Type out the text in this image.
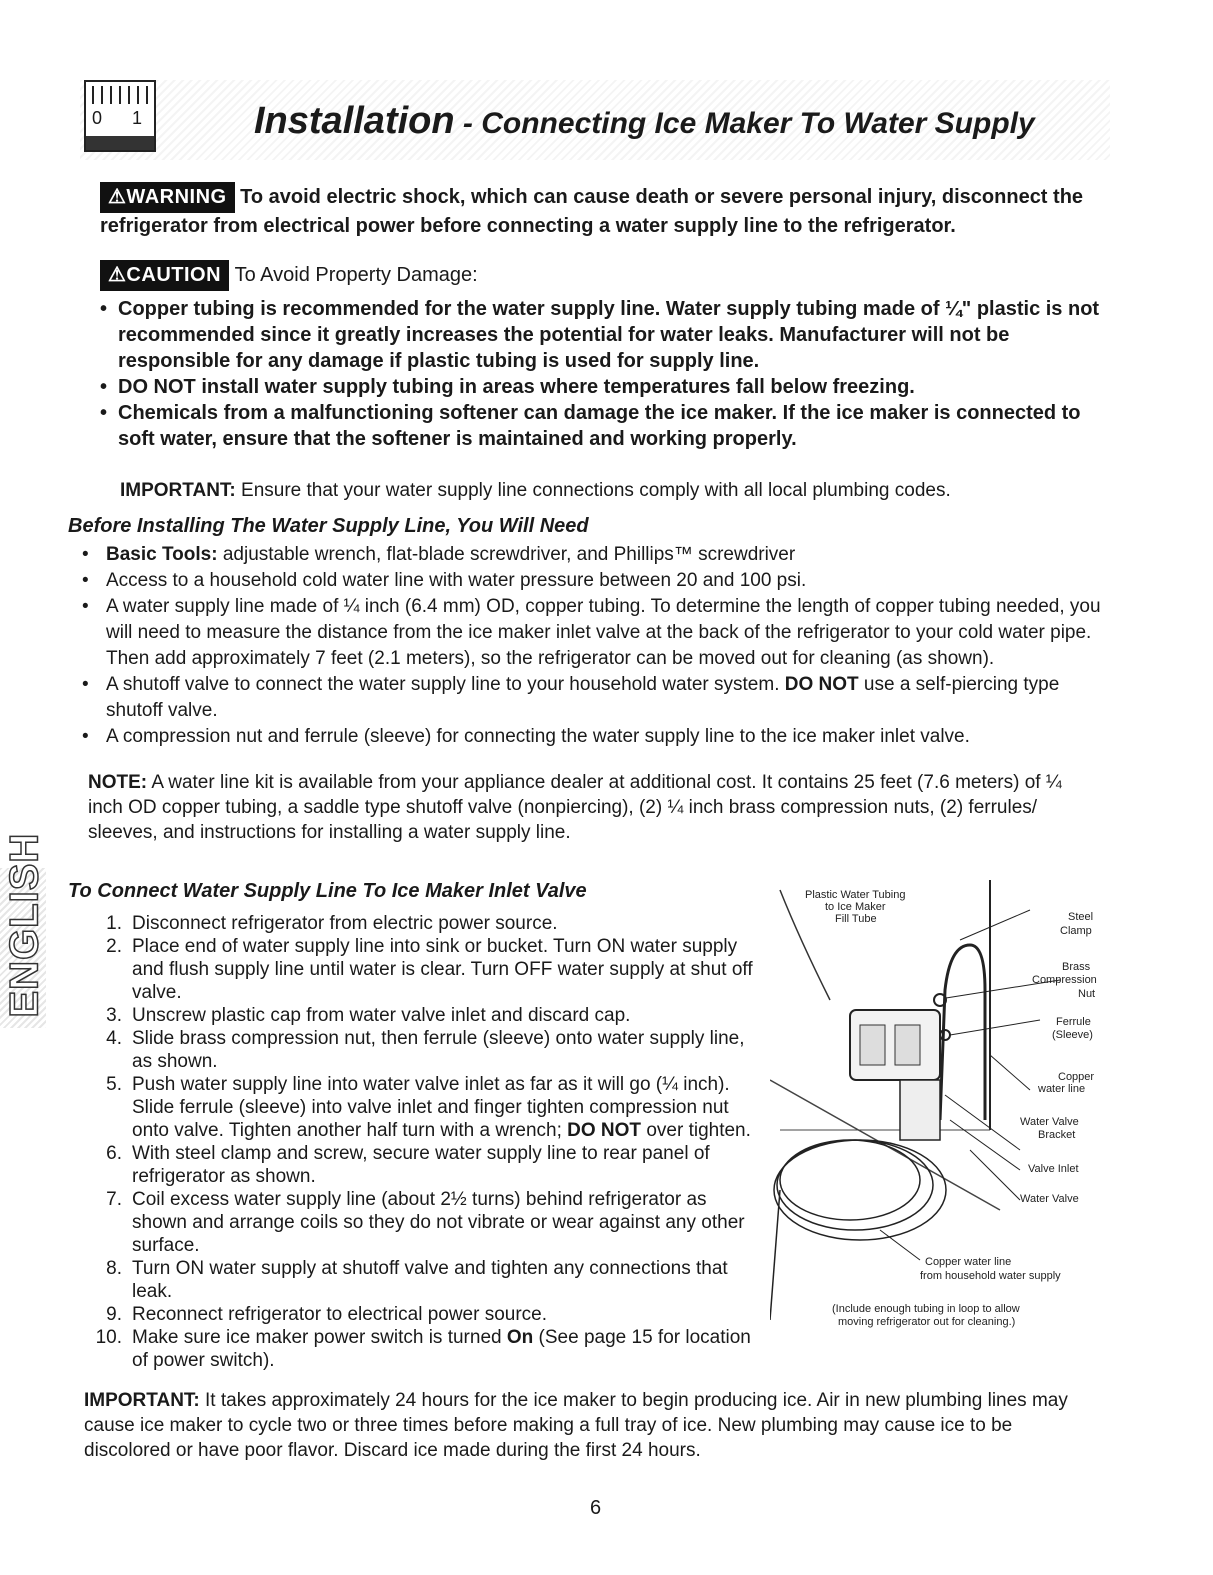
0 1	Installation - Connecting Ice Maker To Water Supply
⚠WARNING To avoid electric shock, which can cause death or severe personal injury, disconnect the refrigerator from electrical power before connecting a water supply line to the refrigerator.
⚠CAUTION To Avoid Property Damage:
• Copper tubing is recommended for the water supply line. Water supply tubing made of ¼" plastic is not recommended since it greatly increases the potential for water leaks. Manufacturer will not be responsible for any damage if plastic tubing is used for supply line.
• DO NOT install water supply tubing in areas where temperatures fall below freezing.
• Chemicals from a malfunctioning softener can damage the ice maker. If the ice maker is connected to soft water, ensure that the softener is maintained and working properly.
IMPORTANT: Ensure that your water supply line connections comply with all local plumbing codes.
Before Installing The Water Supply Line, You Will Need
• Basic Tools: adjustable wrench, flat-blade screwdriver, and Phillips™ screwdriver
• Access to a household cold water line with water pressure between 20 and 100 psi.
• A water supply line made of ¼ inch (6.4 mm) OD, copper tubing. To determine the length of copper tubing needed, you will need to measure the distance from the ice maker inlet valve at the back of the refrigerator to your cold water pipe. Then add approximately 7 feet (2.1 meters), so the refrigerator can be moved out for cleaning (as shown).
• A shutoff valve to connect the water supply line to your household water system. DO NOT use a self-piercing type shutoff valve.
• A compression nut and ferrule (sleeve) for connecting the water supply line to the ice maker inlet valve.
NOTE: A water line kit is available from your appliance dealer at additional cost. It contains 25 feet (7.6 meters) of ¼ inch OD copper tubing, a saddle type shutoff valve (nonpiercing), (2) ¼ inch brass compression nuts, (2) ferrules/ sleeves, and instructions for installing a water supply line.
ENGLISH To Connect Water Supply Line To Ice Maker Inlet Valve
1. Disconnect refrigerator from electric power source.
2. Place end of water supply line into sink or bucket. Turn ON water supply and flush supply line until water is clear. Turn OFF water supply at shut off valve.
3. Unscrew plastic cap from water valve inlet and discard cap.
4. Slide brass compression nut, then ferrule (sleeve) onto water supply line, as shown.
5. Push water supply line into water valve inlet as far as it will go (¼ inch). Slide ferrule (sleeve) into valve inlet and finger tighten compression nut onto valve. Tighten another half turn with a wrench; DO NOT over tighten.
6. With steel clamp and screw, secure water supply line to rear panel of refrigerator as shown.
7. Coil excess water supply line (about 2½ turns) behind refrigerator as shown and arrange coils so they do not vibrate or wear against any other surface.
8. Turn ON water supply at shutoff valve and tighten any connections that leak.
9. Reconnect refrigerator to electrical power source.
10. Make sure ice maker power switch is turned On (See page 15 for location of power switch).
Plastic Water Tubing
to Ice Maker
Fill Tube	Steel
Clamp
Brass
Compression
Nut
Ferrule
(Sleeve)
Copper
water line
Water Valve
Bracket
Valve Inlet
Water Valve
Copper water line
from household water supply
(Include enough tubing in loop to allow
moving refrigerator out for cleaning.)
IMPORTANT: It takes approximately 24 hours for the ice maker to begin producing ice. Air in new plumbing lines may cause ice maker to cycle two or three times before making a full tray of ice. New plumbing may cause ice to be discolored or have poor flavor. Discard ice made during the first 24 hours.
6
